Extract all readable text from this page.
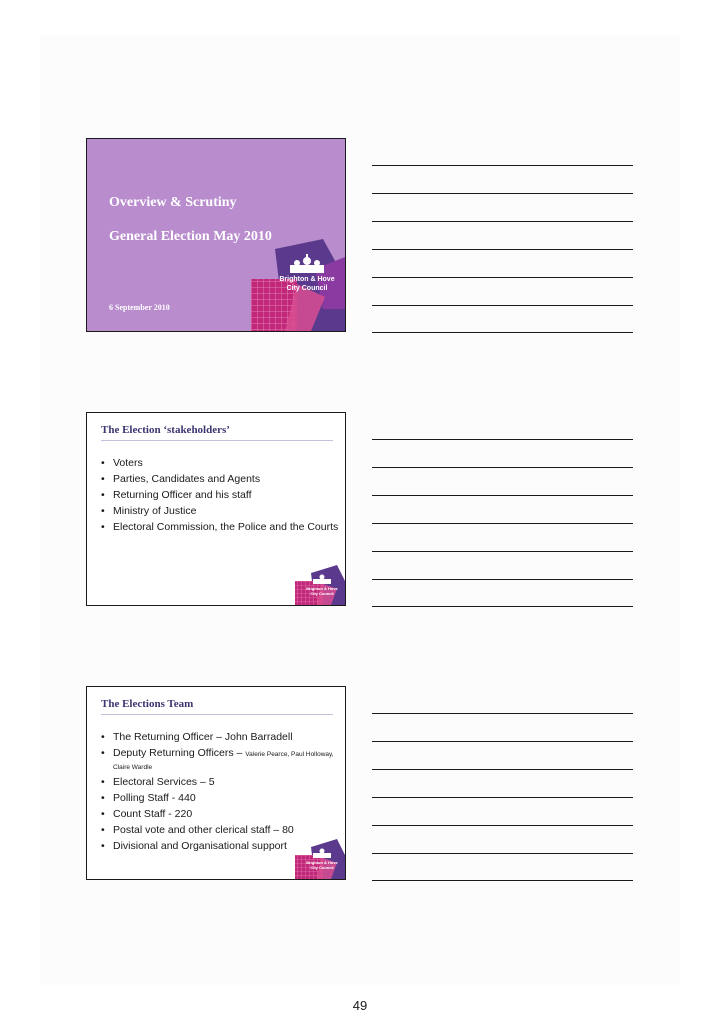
Overview & Scrutiny
General Election May 2010
6 September 2010
Brighton & Hove
City Council
The Election ‘stakeholders’
• Voters
• Parties, Candidates and Agents
• Returning Officer and his staff
• Ministry of Justice
• Electoral Commission, the Police and the Courts
Brighton & Hove
City Council
The Elections Team
• The Returning Officer – John Barradell
• Deputy Returning Officers – Valerie Pearce, Paul Holloway, Claire Wardle
• Electoral Services – 5
• Polling Staff - 440
• Count Staff - 220
• Postal vote and other clerical staff – 80
• Divisional and Organisational support
Brighton & Hove
City Council
49
